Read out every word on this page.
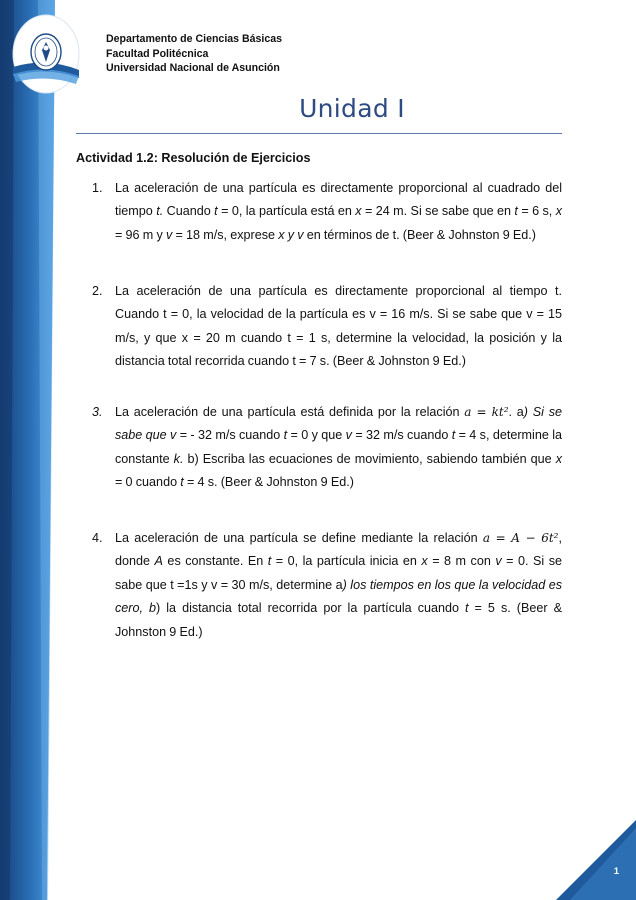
Departamento de Ciencias Básicas
Facultad Politécnica
Universidad Nacional de Asunción
Unidad I
Actividad 1.2: Resolución de Ejercicios
1. La aceleración de una partícula es directamente proporcional al cuadrado del tiempo t. Cuando t = 0, la partícula está en x = 24 m. Si se sabe que en t = 6 s, x = 96 m y v = 18 m/s, exprese x y v en términos de t. (Beer & Johnston 9 Ed.)
2. La aceleración de una partícula es directamente proporcional al tiempo t. Cuando t = 0, la velocidad de la partícula es v = 16 m/s. Si se sabe que v = 15 m/s, y que x = 20 m cuando t = 1 s, determine la velocidad, la posición y la distancia total recorrida cuando t = 7 s. (Beer & Johnston 9 Ed.)
3. La aceleración de una partícula está definida por la relación a = kt². a) Si se sabe que v = - 32 m/s cuando t = 0 y que v = 32 m/s cuando t = 4 s, determine la constante k. b) Escriba las ecuaciones de movimiento, sabiendo también que x = 0 cuando t = 4 s. (Beer & Johnston 9 Ed.)
4. La aceleración de una partícula se define mediante la relación a = A − 6t², donde A es constante. En t = 0, la partícula inicia en x = 8 m con v = 0. Si se sabe que t =1s y v = 30 m/s, determine a) los tiempos en los que la velocidad es cero, b) la distancia total recorrida por la partícula cuando t = 5 s. (Beer & Johnston 9 Ed.)
1
